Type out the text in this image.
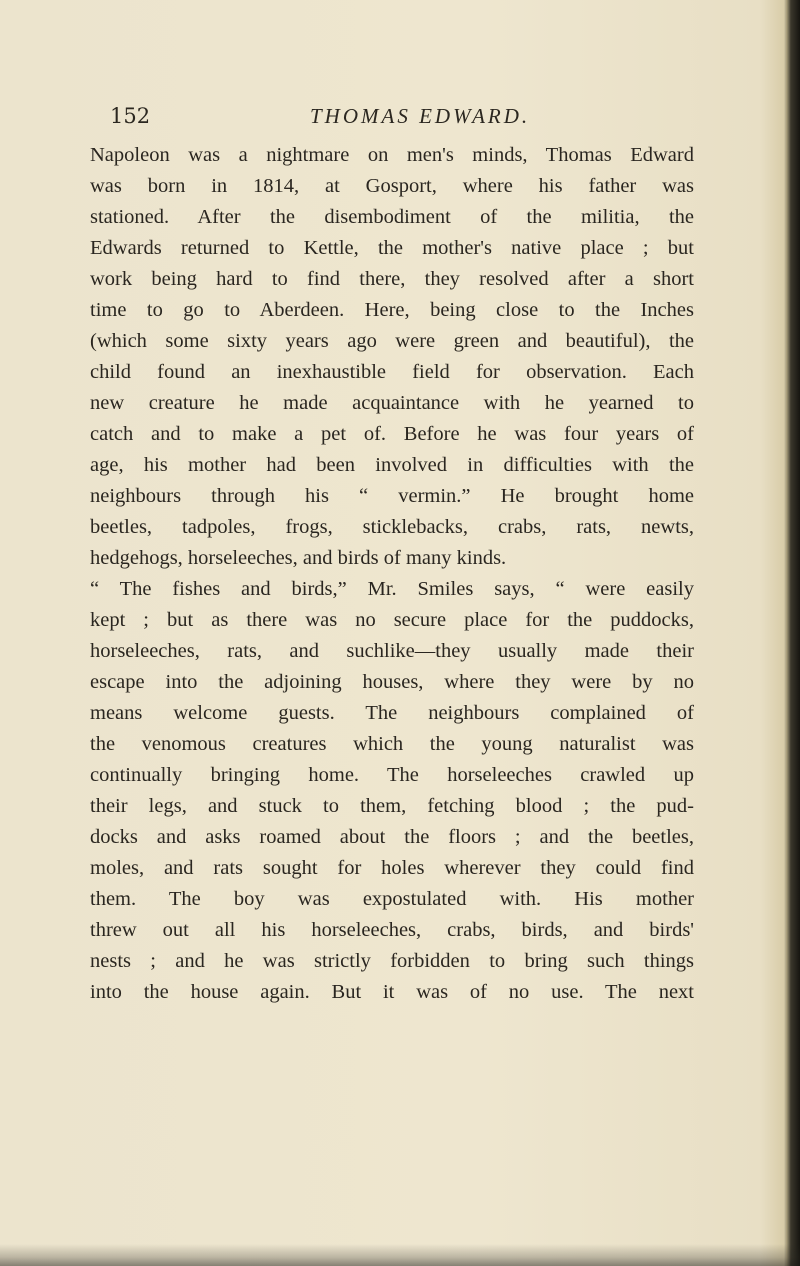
152	THOMAS EDWARD.
Napoleon was a nightmare on men's minds, Thomas Edward
was born in 1814, at Gosport, where his father was
stationed. After the disembodiment of the militia, the
Edwards returned to Kettle, the mother's native place ; but
work being hard to find there, they resolved after a short
time to go to Aberdeen. Here, being close to the Inches
(which some sixty years ago were green and beautiful), the
child found an inexhaustible field for observation. Each
new creature he made acquaintance with he yearned to
catch and to make a pet of. Before he was four years of
age, his mother had been involved in difficulties with the
neighbours through his “ vermin.” He brought home
beetles, tadpoles, frogs, sticklebacks, crabs, rats, newts,
hedgehogs, horseleeches, and birds of many kinds.
“ The fishes and birds,” Mr. Smiles says, “ were easily
kept ; but as there was no secure place for the puddocks,
horseleeches, rats, and suchlike—they usually made their
escape into the adjoining houses, where they were by no
means welcome guests. The neighbours complained of
the venomous creatures which the young naturalist was
continually bringing home. The horseleeches crawled up
their legs, and stuck to them, fetching blood ; the pud-
docks and asks roamed about the floors ; and the beetles,
moles, and rats sought for holes wherever they could find
them. The boy was expostulated with. His mother
threw out all his horseleeches, crabs, birds, and birds'
nests ; and he was strictly forbidden to bring such things
into the house again. But it was of no use. The next
